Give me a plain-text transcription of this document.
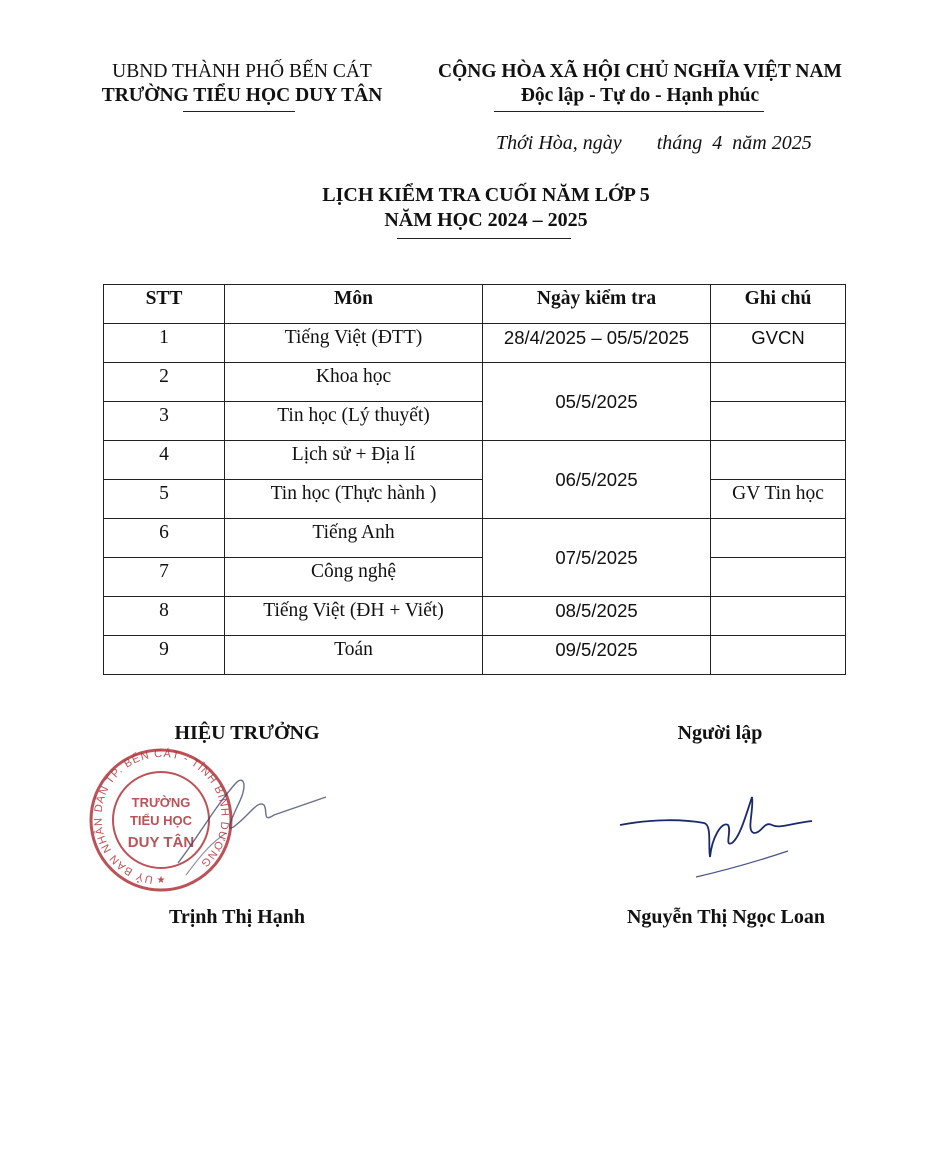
UBND THÀNH PHỐ BẾN CÁT
TRƯỜNG TIỂU HỌC DUY TÂN
CỘNG HÒA XÃ HỘI CHỦ NGHĨA VIỆT NAM
Độc lập - Tự do - Hạnh phúc
Thới Hòa, ngày tháng 4 năm 2025
LỊCH KIỂM TRA CUỐI NĂM LỚP 5
NĂM HỌC 2024 – 2025
STT	Môn	Ngày kiểm tra	Ghi chú
1	Tiếng Việt (ĐTT)	28/4/2025 – 05/5/2025	GVCN
2	Khoa học	05/5/2025	
3	Tin học (Lý thuyết)		
4	Lịch sử + Địa lí	06/5/2025	
5	Tin học (Thực hành )		GV Tin học
6	Tiếng Anh	07/5/2025	
7	Công nghệ		
8	Tiếng Việt (ĐH + Viết)	08/5/2025	
9	Toán	09/5/2025	
HIỆU TRƯỞNG	Người lập
UỶ BAN NHÂN DÂN TP. BẾN CÁT - TỈNH BÌNH DƯƠNG
TRƯỜNG
TIỂU HỌC
DUY TÂN
★
Trịnh Thị Hạnh	Nguyễn Thị Ngọc Loan
